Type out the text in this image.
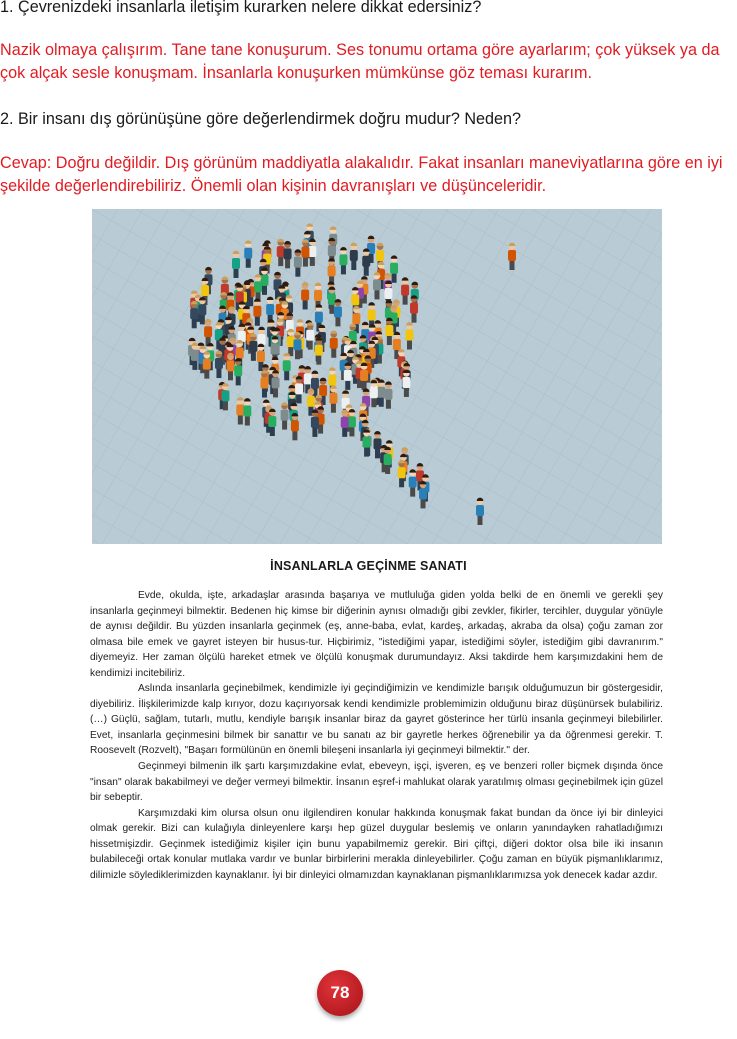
1. Çevrenizdeki insanlarla iletişim kurarken nelere dikkat edersiniz?
Nazik olmaya çalışırım. Tane tane konuşurum. Ses tonumu ortama göre ayarlarım; çok yüksek ya da çok alçak sesle konuşmam. İnsanlarla konuşurken mümkünse göz teması kurarım.
2. Bir insanı dış görünüşüne göre değerlendirmek doğru mudur? Neden?
Cevap: Doğru değildir. Dış görünüm maddiyatla alakalıdır. Fakat insanları maneviyatlarına göre en iyi şekilde değerlendirebiliriz. Önemli olan kişinin davranışları ve düşünceleridir.
İNSANLARLA GEÇİNME SANATI

Evde, okulda, işte, arkadaşlar arasında başarıya ve mutluluğa giden yolda belki de en önemli ve gerekli şey insanlarla geçinmeyi bilmektir. Bedenen hiç kimse bir diğerinin aynısı olmadığı gibi zevkler, fikirler, tercihler, duygular yönüyle de aynısı değildir. Bu yüzden insanlarla geçinmek (eş, anne-baba, evlat, kardeş, arkadaş, akraba da olsa) çoğu zaman zor olmasa bile emek ve gayret isteyen bir husus-tur. Hiçbirimiz, "istediğimi yapar, istediğimi söyler, istediğim gibi davranırım." diyemeyiz. Her zaman ölçülü hareket etmek ve ölçülü konuşmak durumundayız. Aksi takdirde hem karşımızdakini hem de kendimizi incitebiliriz.

Aslında insanlarla geçinebilmek, kendimizle iyi geçindiğimizin ve kendimizle barışık olduğumuzun bir göstergesidir, diyebiliriz. İlişkilerimizde kalp kırıyor, dozu kaçırıyorsak kendi kendimizle problemimizin olduğunu biraz düşünürsek bulabiliriz. (…) Güçlü, sağlam, tutarlı, mutlu, kendiyle barışık insanlar biraz da gayret gösterince her türlü insanla geçinmeyi bilebilirler. Evet, insanlarla geçinmesini bilmek bir sanattır ve bu sanatı az bir gayretle herkes öğrenebilir ya da öğrenmesi gerekir. T. Roosevelt (Rozvelt), "Başarı formülünün en önemli bileşeni insanlarla iyi geçinmeyi bilmektir." der.

Geçinmeyi bilmenin ilk şartı karşımızdakine evlat, ebeveyn, işçi, işveren, eş ve benzeri roller biçmek dışında önce "insan" olarak bakabilmeyi ve değer vermeyi bilmektir. İnsanın eşref-i mahlukat olarak yaratılmış olması geçinebilmek için güzel bir sebeptir.

Karşımızdaki kim olursa olsun onu ilgilendiren konular hakkında konuşmak fakat bundan da önce iyi bir dinleyici olmak gerekir. Bizi can kulağıyla dinleyenlere karşı hep güzel duygular beslemiş ve onların yanındayken rahatladığımızı hissetmişizdir. Geçinmek istediğimiz kişiler için bunu yapabilmemiz gerekir. Biri çiftçi, diğeri doktor olsa bile iki insanın bulabileceği ortak konular mutlaka vardır ve bunlar birbirlerini merakla dinleyebilirler. Çoğu zaman en büyük pişmanlıklarımız, dilimizle söylediklerimizden kaynaklanır. İyi bir dinleyici olmamızdan kaynaklanan pişmanlıklarımızsa yok denecek kadar azdır.

78
